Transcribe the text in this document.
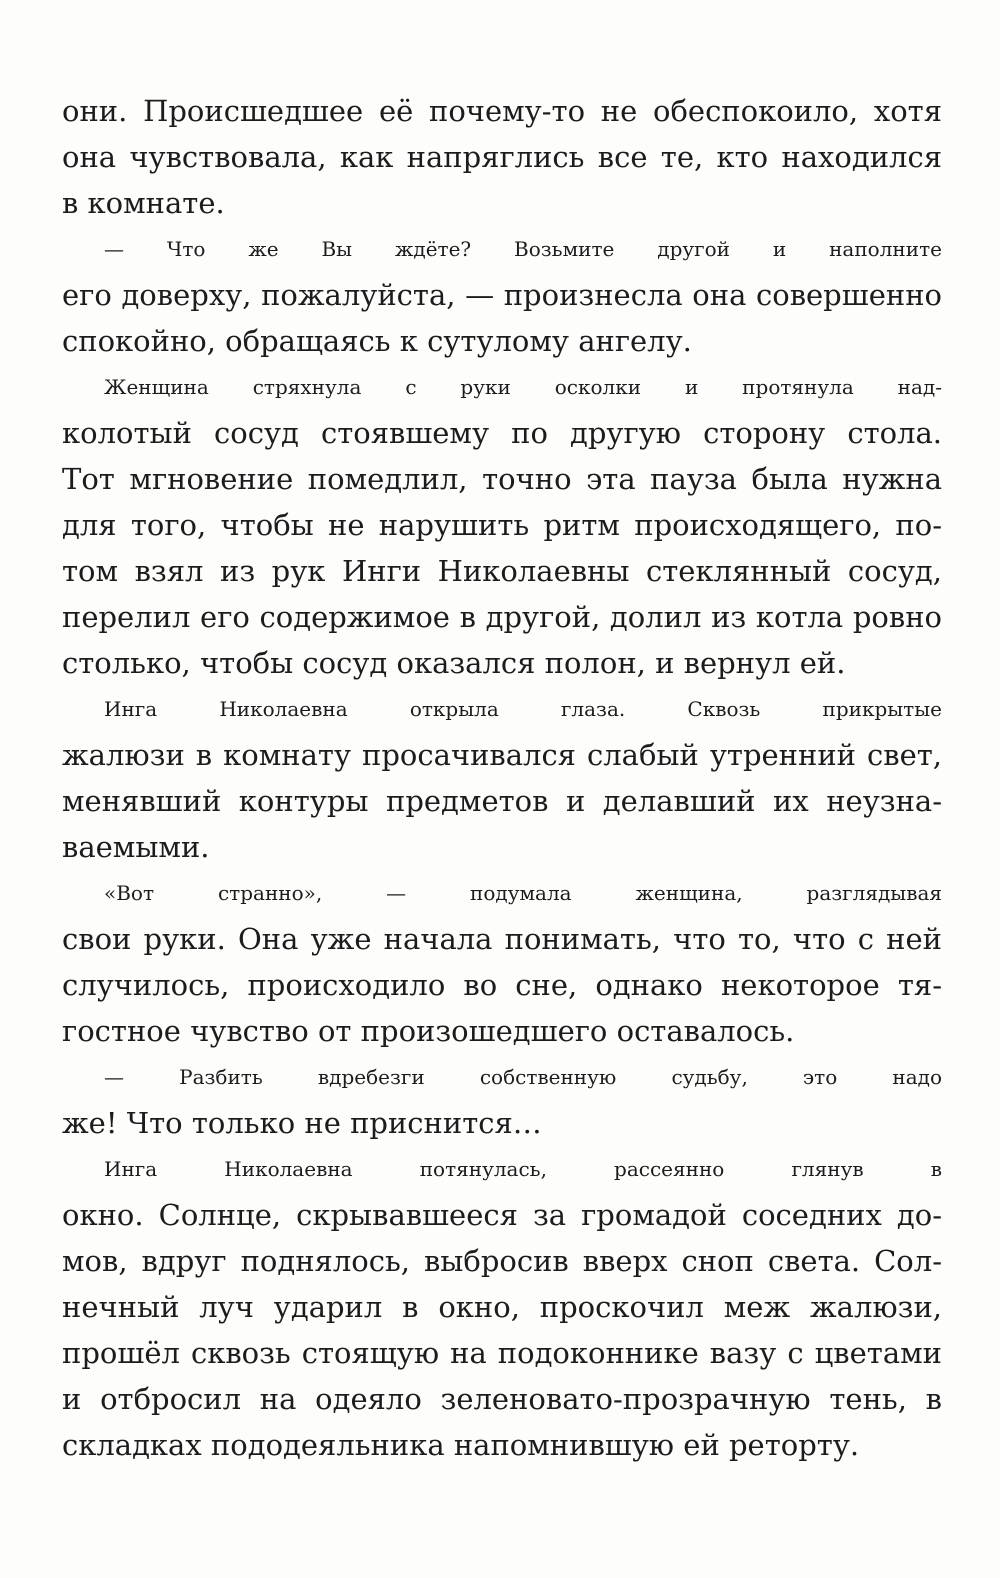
они. Происшедшее её почему-то не обеспокоило, хотя
она чувствовала, как напряглись все те, кто находился
в комнате.
— Что же Вы ждёте? Возьмите другой и наполните
его доверху, пожалуйста, — произнесла она совершенно
спокойно, обращаясь к сутулому ангелу.
Женщина стряхнула с руки осколки и протянула над-
колотый сосуд стоявшему по другую сторону стола.
Тот мгновение помедлил, точно эта пауза была нужна
для того, чтобы не нарушить ритм происходящего, по-
том взял из рук Инги Николаевны стеклянный сосуд,
перелил его содержимое в другой, долил из котла ровно
столько, чтобы сосуд оказался полон, и вернул ей.
Инга Николаевна открыла глаза. Сквозь прикрытые
жалюзи в комнату просачивался слабый утренний свет,
менявший контуры предметов и делавший их неузна-
ваемыми.
«Вот странно», — подумала женщина, разглядывая
свои руки. Она уже начала понимать, что то, что с ней
случилось, происходило во сне, однако некоторое тя-
гостное чувство от произошедшего оставалось.
— Разбить вдребезги собственную судьбу, это надо
же! Что только не приснится…
Инга Николаевна потянулась, рассеянно глянув в
окно. Солнце, скрывавшееся за громадой соседних до-
мов, вдруг поднялось, выбросив вверх сноп света. Сол-
нечный луч ударил в окно, проскочил меж жалюзи,
прошёл сквозь стоящую на подоконнике вазу с цветами
и отбросил на одеяло зеленовато-прозрачную тень, в
складках пододеяльника напомнившую ей реторту.
